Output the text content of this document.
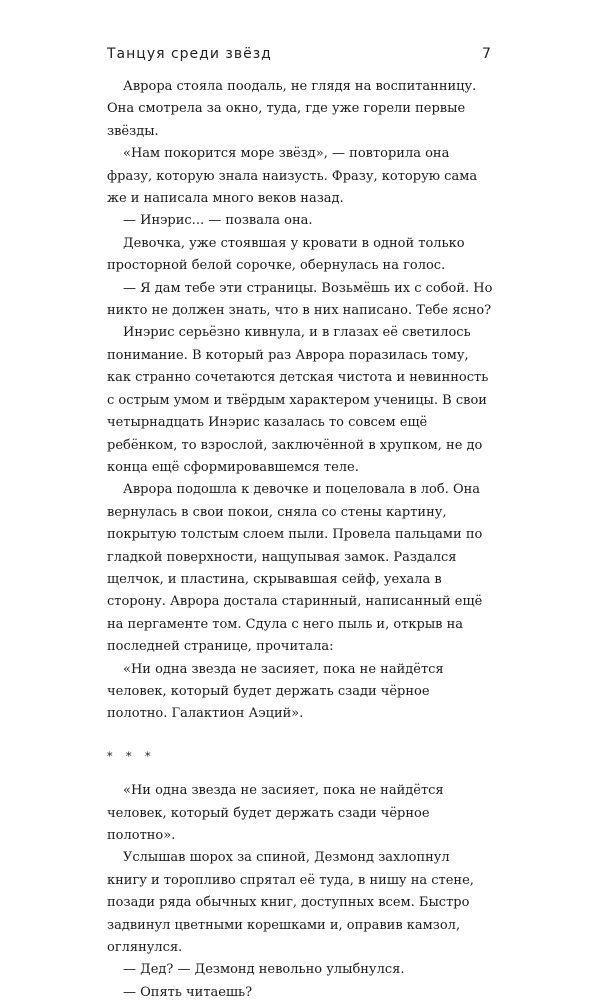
Танцуя среди звёзд	7

Аврора стояла поодаль, не глядя на воспитанницу. Она смотрела за окно, туда, где уже горели первые звёзды.

«Нам покорится море звёзд», — повторила она фразу, которую знала наизусть. Фразу, которую сама же и написала много веков назад.

— Инэрис... — позвала она.

Девочка, уже стоявшая у кровати в одной только просторной белой сорочке, обернулась на голос.

— Я дам тебе эти страницы. Возьмёшь их с собой. Но никто не должен знать, что в них написано. Тебе ясно?

Инэрис серьёзно кивнула, и в глазах её светилось понимание. В который раз Аврора поразилась тому, как странно сочетаются детская чистота и невинность с острым умом и твёрдым характером ученицы. В свои четырнадцать Инэрис казалась то совсем ещё ребёнком, то взрослой, заключённой в хрупком, не до конца ещё сформировавшемся теле.

Аврора подошла к девочке и поцеловала в лоб. Она вернулась в свои покои, сняла со стены картину, покрытую толстым слоем пыли. Провела пальцами по гладкой поверхности, нащупывая замок. Раздался щелчок, и пластина, скрывавшая сейф, уехала в сторону. Аврора достала старинный, написанный ещё на пергаменте том. Сдула с него пыль и, открыв на последней странице, прочитала:

«Ни одна звезда не засияет, пока не найдётся человек, который будет держать сзади чёрное полотно. Галактион Аэций».

* * *

«Ни одна звезда не засияет, пока не найдётся человек, который будет держать сзади чёрное полотно».

Услышав шорох за спиной, Дезмонд захлопнул книгу и торопливо спрятал её туда, в нишу на стене, позади ряда обычных книг, доступных всем. Быстро задвинул цветными корешками и, оправив камзол, оглянулся.

— Дед? — Дезмонд невольно улыбнулся.

— Опять читаешь?
